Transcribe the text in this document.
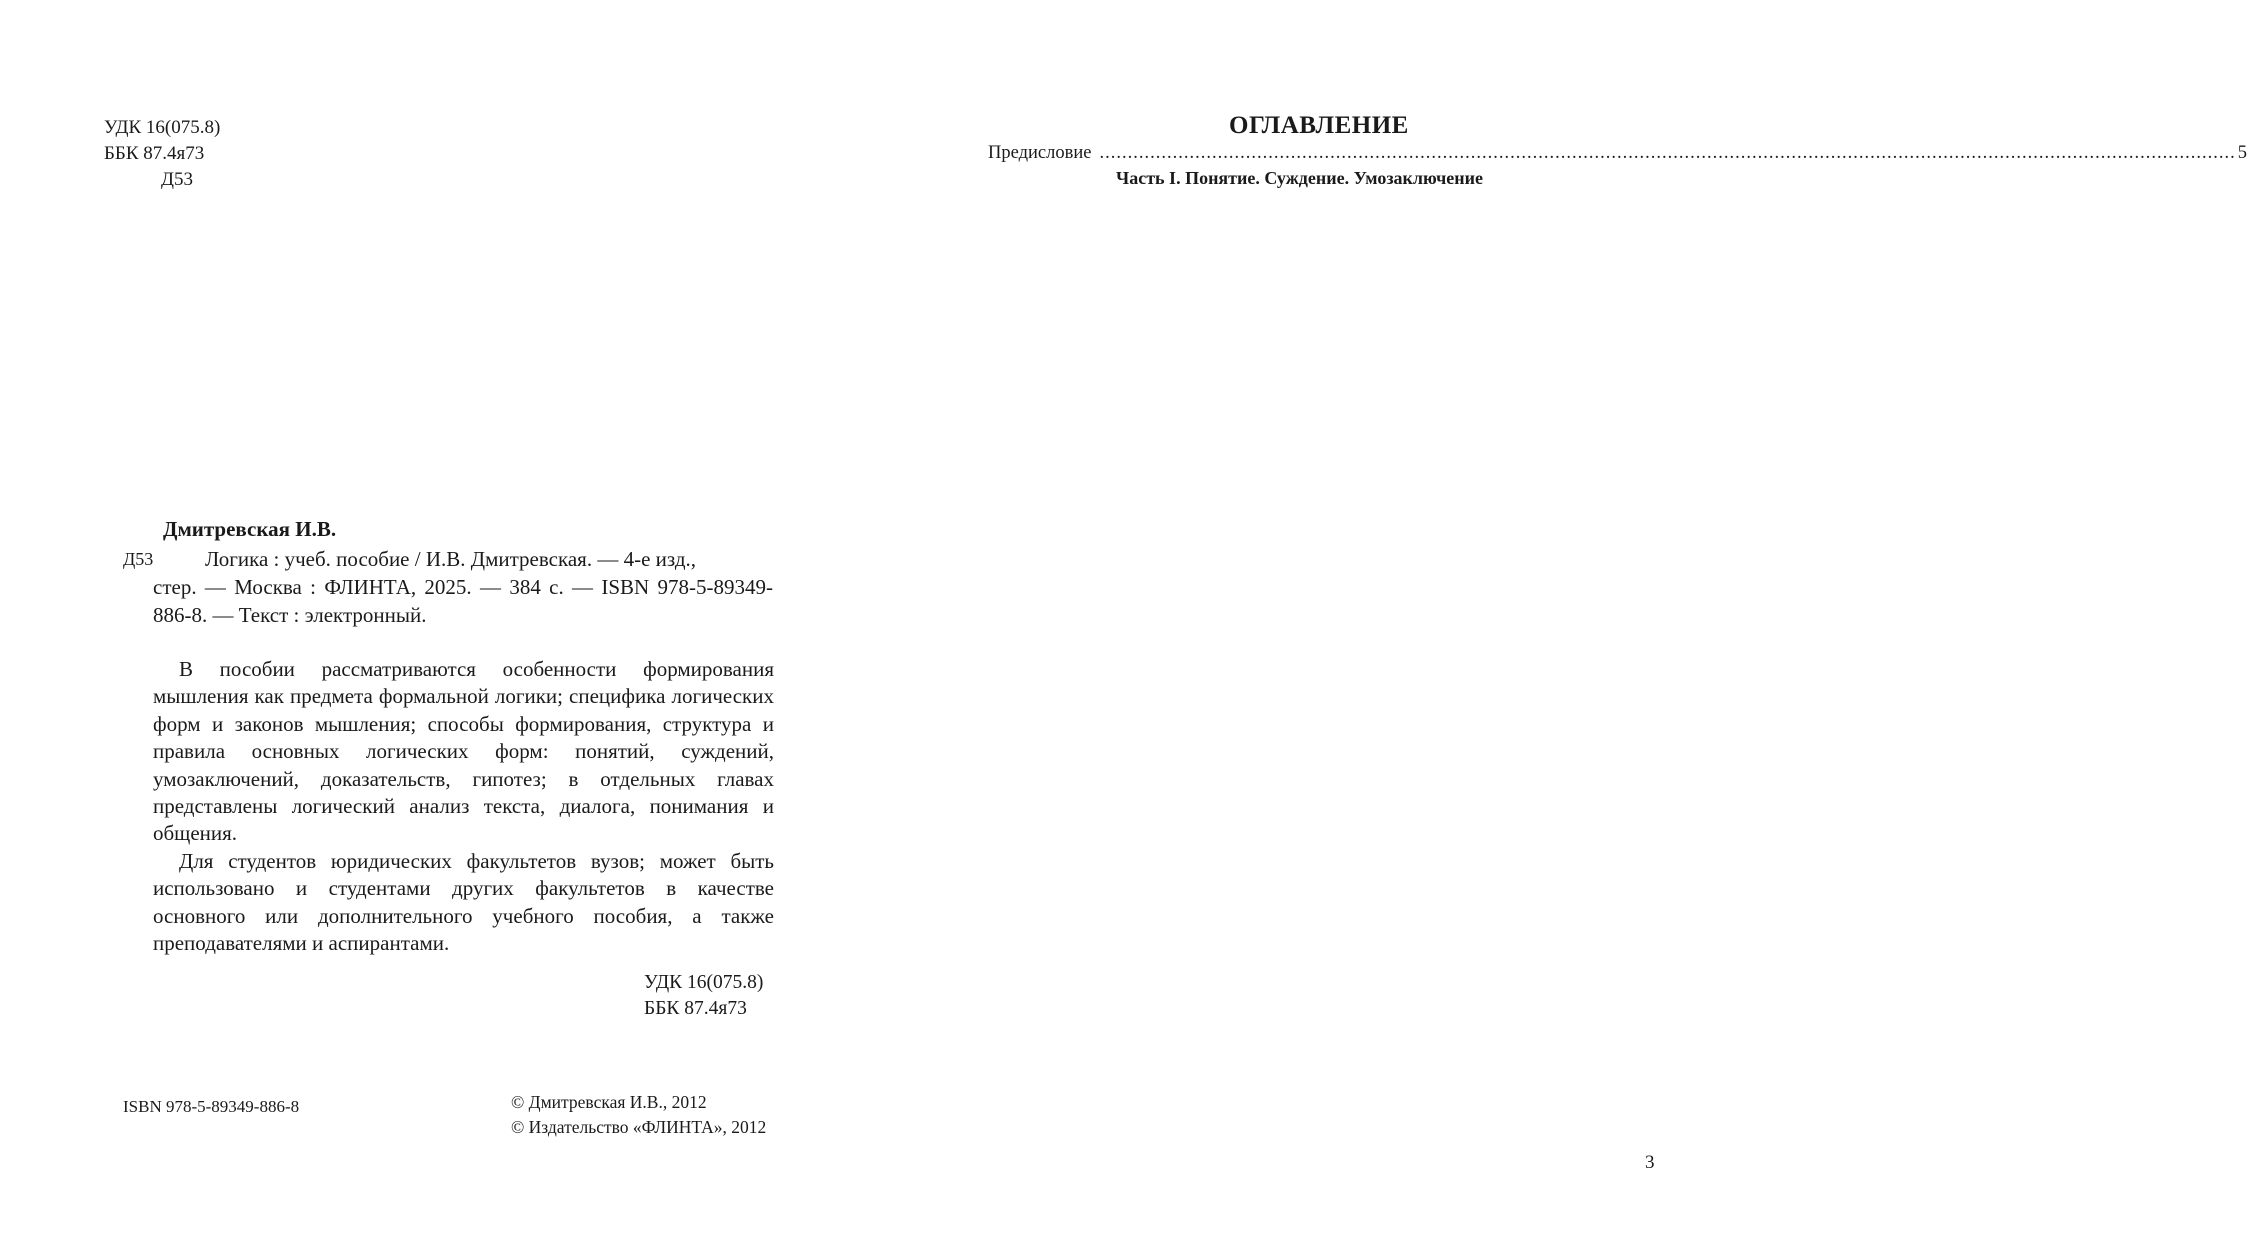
УДК 16(075.8)
ББК 87.4я73
Д53
Дмитревская И.В.
Д53	Логика : учеб. пособие / И.В. Дмитревская. — 4-е изд.,
стер. — Москва : ФЛИНТА, 2025. — 384 с. — ISBN 978-5-89349-886-8. — Текст : электронный.

В пособии рассматриваются особенности формирования мышления как предмета формальной логики; специфика логических форм и законов мышления; способы формирования, структура и правила основных логических форм: понятий, суждений, умозаключений, доказательств, гипотез; в отдельных главах представлены логический анализ текста, диалога, понимания и общения.

Для студентов юридических факультетов вузов; может быть использовано и студентами других факультетов в качестве основного или дополнительного учебного пособия, а также преподавателями и аспирантами.

УДК 16(075.8)
ББК 87.4я73
ISBN 978-5-89349-886-8	© Дмитревская И.В., 2012
© Издательство «ФЛИНТА», 2012
ОГЛАВЛЕНИЕ
Предисловие .......................................................................................................................................................................................................... 5
Часть I. Понятие. Суждение. Умозаключение
3
